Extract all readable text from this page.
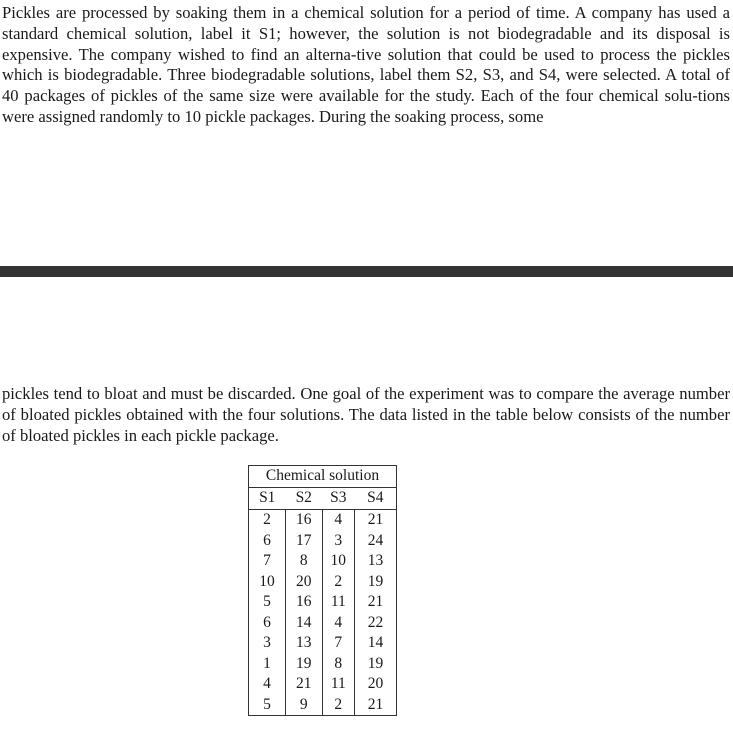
Pickles are processed by soaking them in a chemical solution for a period of time. A company has used a standard chemical solution, label it S1; however, the solution is not biodegradable and its disposal is expensive. The company wished to find an alterna-tive solution that could be used to process the pickles which is biodegradable. Three biodegradable solutions, label them S2, S3, and S4, were selected. A total of 40 packages of pickles of the same size were available for the study. Each of the four chemical solu-tions were assigned randomly to 10 pickle packages. During the soaking process, some

pickles tend to bloat and must be discarded. One goal of the experiment was to compare the average number of bloated pickles obtained with the four solutions. The data listed in the table below consists of the number of bloated pickles in each pickle package.

Chemical solution			
S1	S2	S3	S4
2	16	4	21
6	17	3	24
7	8	10	13
10	20	2	19
5	16	11	21
6	14	4	22
3	13	7	14
1	19	8	19
4	21	11	20
5	9	2	21
